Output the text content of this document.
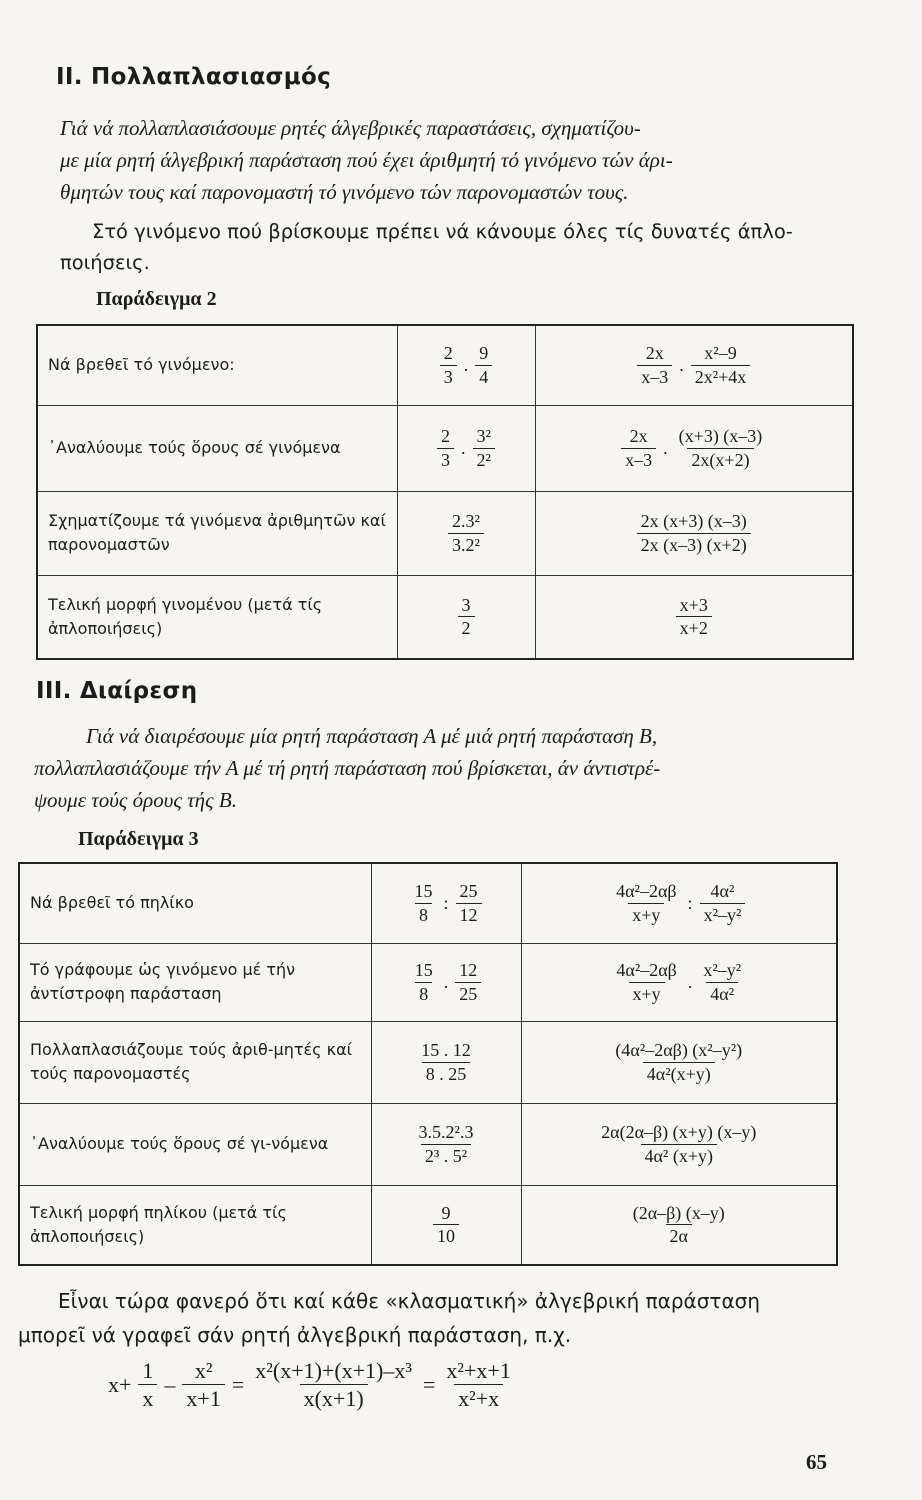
II. Πολλαπλασιασμός
Γιά νά πολλαπλασιάσουμε ρητές άλγεβρικές παραστάσεις, σχηματίζου-
με μία ρητή άλγεβρική παράσταση πού έχει άριθμητή τό γινόμενο τών άρι-
θμητών τους καί παρονομαστή τό γινόμενο τών παρονομαστών τους.
Στό γινόμενο πού βρίσκουμε πρέπει νά κάνουμε όλες τίς δυνατές άπλο-
ποιήσεις.
Παράδειγμα 2
Νά βρεθεῖ τό γινόμενο:	$\frac{2}{3}$ . $\frac{9}{4}$	$\frac{2x}{x-3}$ . $\frac{\text{x²–9}}{\text{2x²+4x}}$

᾿Αναλύουμε τούς ὅρους σέ γινόμενα	$\frac{2}{3}$ . $\frac{\text{3²}}{\text{2²}}$	$\frac{2x}{x-3}$ . $\frac{(x+3) (x-3)}{2x(x+2)}$

Σχηματίζουμε τά γινόμενα ἀριθμητῶν καί παρονομαστῶν	$\frac{\text{2.3²}}{\text{3.2²}}$	$\frac{2x (x+3) (x-3)}{2x (x-3) (x+2)}$

Τελική μορφή γινομένου (μετά τίς ἀπλοποιήσεις)	$\frac{3}{2}$	$\frac{x+3}{x+2}$
III. Διαίρεση
Γιά νά διαιρέσουμε μία ρητή παράσταση Α μέ μιά ρητή παράσταση Β,
πολλαπλασιάζουμε τήν Α μέ τή ρητή παράσταση πού βρίσκεται, άν άντιστρέ-
ψουμε τούς όρους τής Β.
Παράδειγμα 3
Νά βρεθεῖ τό πηλίκο	$\frac{15}{8}$ : $\frac{25}{12}$	$\frac{\text{4α²–2αβ}}{x+y}$ : $\frac{\text{4α²}}{\text{x²–y²}}$

Τό γράφουμε ὡς γινόμενο μέ τήν ἀντίστροφη παράσταση	$\frac{15}{8}$ . $\frac{12}{25}$	$\frac{\text{4α²–2αβ}}{x+y}$ . $\frac{\text{x²–y²}}{\text{4α²}}$

Πολλαπλασιάζουμε τούς ἀριθ-μητές καί τούς παρονομαστές	$\frac{15 . 12}{8 . 25}$	$\frac{\text{(4α²–2αβ) (x²–y²)}}{\text{4α²(x+y)}}$

᾿Αναλύουμε τούς ὅρους σέ γι-νόμενα	$\frac{\text{3.5.2².3}}{\text{2³ . 5²}}$	$\frac{2\alpha(2\alpha-\beta) (x+y) (x-y)}{\text{4α² (x+y)}}$

Τελική μορφή πηλίκου (μετά τίς ἀπλοποιήσεις)	$\frac{9}{10}$	$\frac{(2\alpha-\beta) (x-y)}{2\alpha}$
Εἶναι τώρα φανερό ὅτι καί κάθε «κλασματική» ἀλγεβρική παράσταση
μπορεῖ νά γραφεῖ σάν ρητή ἀλγεβρική παράσταση, π.χ.
$x+ \frac{1}{x} - \frac{\text{x²}}{x+1} = \frac{\text{x²(x+1)+(x+1)–x³}}{x(x+1)} = \frac{\text{x²+x+1}}{\text{x²+x}}$
65
